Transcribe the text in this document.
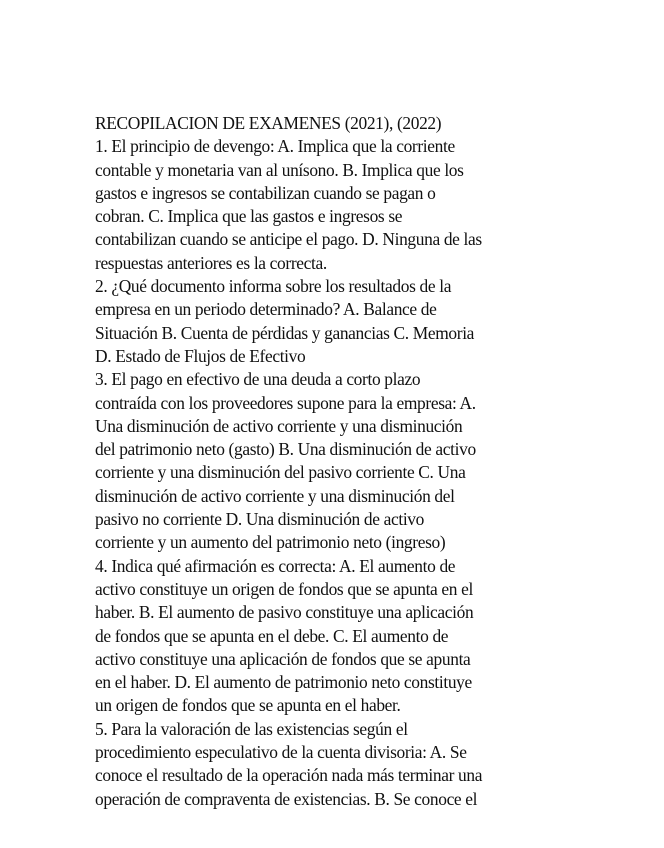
RECOPILACION DE EXAMENES (2021), (2022)
1. El principio de devengo: A. Implica que la corriente
contable y monetaria van al unísono. B. Implica que los
gastos e ingresos se contabilizan cuando se pagan o
cobran. C. Implica que las gastos e ingresos se
contabilizan cuando se anticipe el pago. D. Ninguna de las
respuestas anteriores es la correcta.
2. ¿Qué documento informa sobre los resultados de la
empresa en un periodo determinado? A. Balance de
Situación B. Cuenta de pérdidas y ganancias C. Memoria
D. Estado de Flujos de Efectivo
3. El pago en efectivo de una deuda a corto plazo
contraída con los proveedores supone para la empresa: A.
Una disminución de activo corriente y una disminución
del patrimonio neto (gasto) B. Una disminución de activo
corriente y una disminución del pasivo corriente C. Una
disminución de activo corriente y una disminución del
pasivo no corriente D. Una disminución de activo
corriente y un aumento del patrimonio neto (ingreso)
4. Indica qué afirmación es correcta: A. El aumento de
activo constituye un origen de fondos que se apunta en el
haber. B. El aumento de pasivo constituye una aplicación
de fondos que se apunta en el debe. C. El aumento de
activo constituye una aplicación de fondos que se apunta
en el haber. D. El aumento de patrimonio neto constituye
un origen de fondos que se apunta en el haber.
5. Para la valoración de las existencias según el
procedimiento especulativo de la cuenta divisoria: A. Se
conoce el resultado de la operación nada más terminar una
operación de compraventa de existencias. B. Se conoce el
